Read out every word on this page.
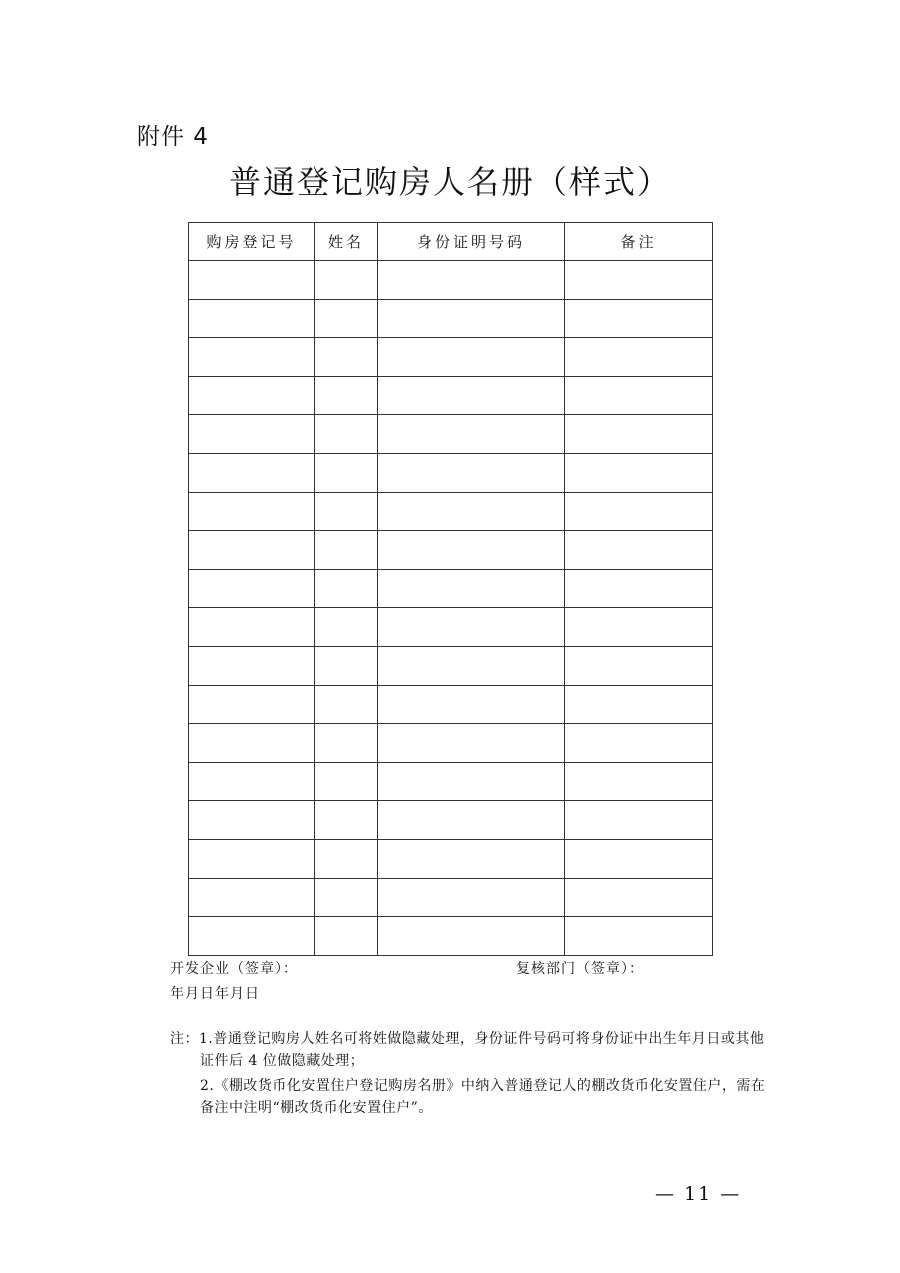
附件 4
普通登记购房人名册（样式）
购房登记号	姓名	身份证明号码	备注

开发企业（签章）：	复核部门（签章）：
年月日年月日
注：1.普通登记购房人姓名可将姓做隐藏处理，身份证件号码可将身份证中出生年月日或其他证件后 4 位做隐藏处理；
2.《棚改货币化安置住户登记购房名册》中纳入普通登记人的棚改货币化安置住户，需在备注中注明“棚改货币化安置住户”。
— 11 —
